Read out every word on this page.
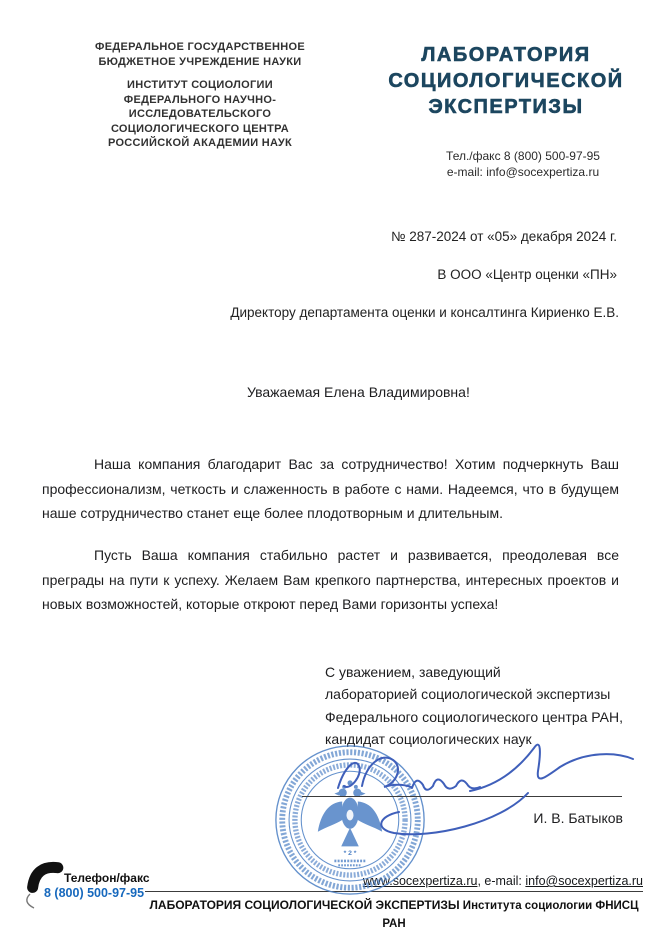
ФЕДЕРАЛЬНОЕ ГОСУДАРСТВЕННОЕ
БЮДЖЕТНОЕ УЧРЕЖДЕНИЕ НАУКИ
ИНСТИТУТ СОЦИОЛОГИИ
ФЕДЕРАЛЬНОГО НАУЧНО-
ИССЛЕДОВАТЕЛЬСКОГО
СОЦИОЛОГИЧЕСКОГО ЦЕНТРА
РОССИЙСКОЙ АКАДЕМИИ НАУК
ЛАБОРАТОРИЯ
СОЦИОЛОГИЧЕСКОЙ
ЭКСПЕРТИЗЫ
Тел./факс 8 (800) 500-97-95
e-mail: info@socexpertiza.ru
№ 287-2024 от «05» декабря 2024 г.
В ООО «Центр оценки «ПН»
Директору департамента оценки и консалтинга Кириенко Е.В.
Уважаемая Елена Владимировна!
Наша компания благодарит Вас за сотрудничество! Хотим подчеркнуть Ваш профессионализм, четкость и слаженность в работе с нами. Надеемся, что в будущем наше сотрудничество станет еще более плодотворным и длительным.
Пусть Ваша компания стабильно растет и развивается, преодолевая все преграды на пути к успеху. Желаем Вам крепкого партнерства, интересных проектов и новых возможностей, которые откроют перед Вами горизонты успеха!
С уважением, заведующий
лабораторией социологической экспертизы
Федерального социологического центра РАН,
кандидат социологических наук
* 2 *
И. В. Батыков
Телефон/факс
8 (800) 500-97-95
www.socexpertiza.ru, e-mail: info@socexpertiza.ru
ЛАБОРАТОРИЯ СОЦИОЛОГИЧЕСКОЙ ЭКСПЕРТИЗЫ Института социологии ФНИСЦ РАН
